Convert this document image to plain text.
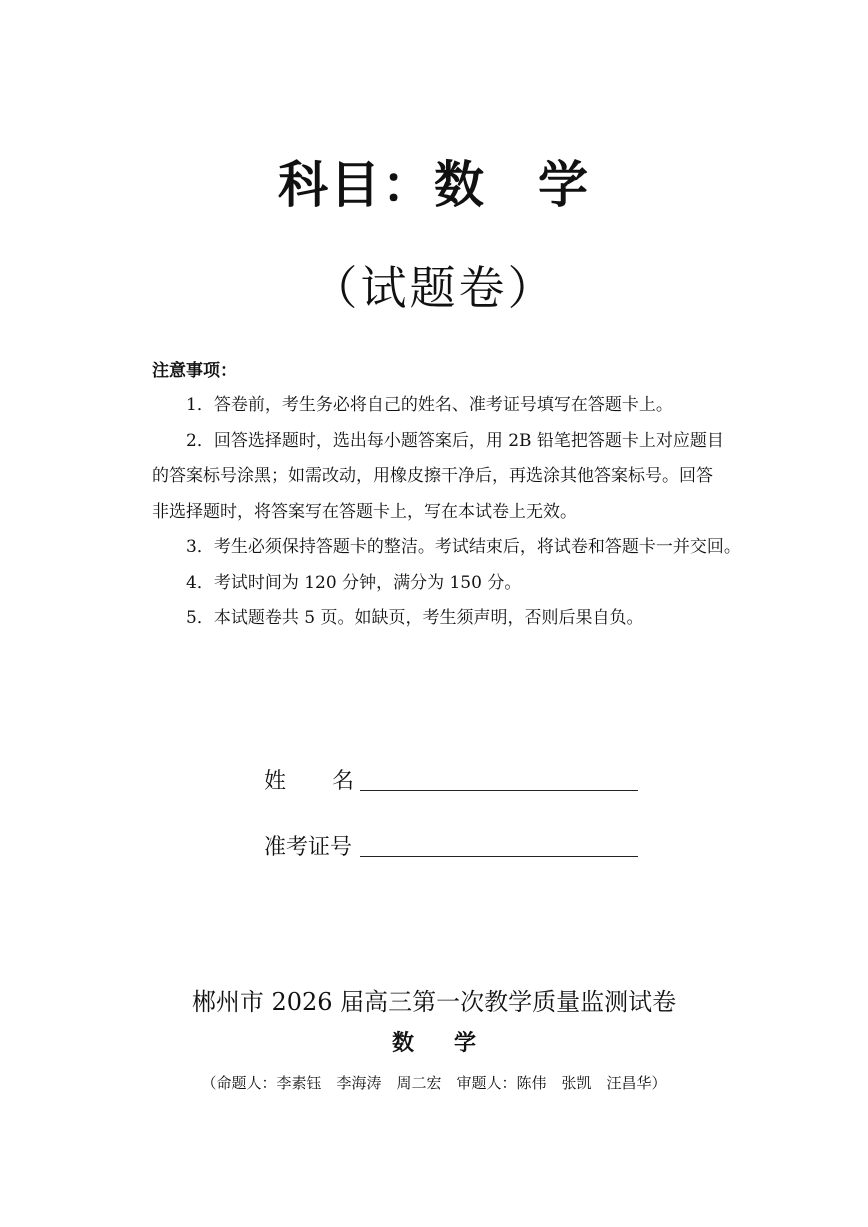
科目：数　学
（试题卷）
注意事项：
1．答卷前，考生务必将自己的姓名、准考证号填写在答题卡上。
2．回答选择题时，选出每小题答案后，用 2B 铅笔把答题卡上对应题目
的答案标号涂黑；如需改动，用橡皮擦干净后，再选涂其他答案标号。回答
非选择题时，将答案写在答题卡上，写在本试卷上无效。
3．考生必须保持答题卡的整洁。考试结束后，将试卷和答题卡一并交回。
4．考试时间为 120 分钟，满分为 150 分。
5．本试题卷共 5 页。如缺页，考生须声明，否则后果自负。
姓名
准考证号
郴州市 2026 届高三第一次教学质量监测试卷
数学
（命题人：李素钰　李海涛　周二宏　审题人：陈伟　张凯　汪昌华）
